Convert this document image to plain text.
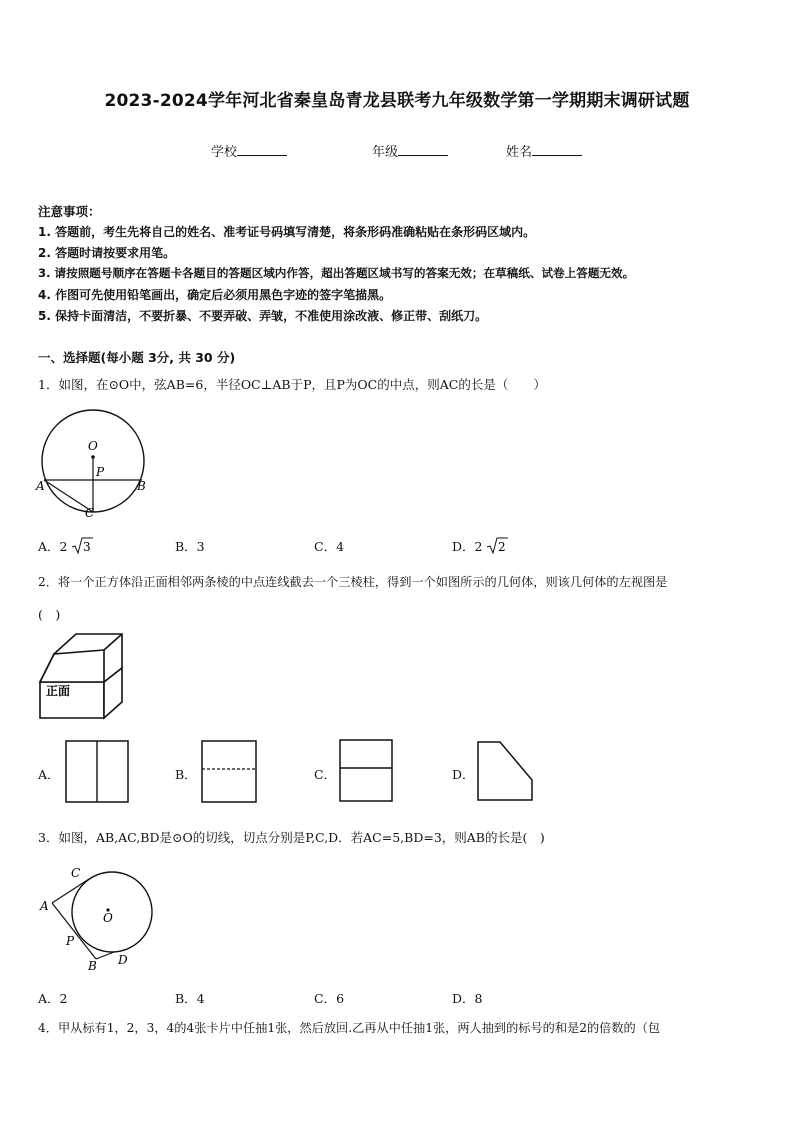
2023-2024学年河北省秦皇岛青龙县联考九年级数学第一学期期末调研试题
学校	年级	姓名
注意事项：
1. 答题前，考生先将自己的姓名、准考证号码填写清楚，将条形码准确粘贴在条形码区域内。
2. 答题时请按要求用笔。
3. 请按照题号顺序在答题卡各题目的答题区域内作答，超出答题区域书写的答案无效；在草稿纸、试卷上答题无效。
4. 作图可先使用铅笔画出，确定后必须用黑色字迹的签字笔描黑。
5. 保持卡面清洁，不要折暴、不要弄破、弄皱，不准使用涂改液、修正带、刮纸刀。
一、选择题(每小题 3分, 共 30 分)
1．如图，在⊙O中，弦AB=6，半径OC⊥AB于P，且P为OC的中点，则AC的长是（　　）
O
P
A	B
C
A．2 3	B．3	C．4	D．2 2
2．将一个正方体沿正面相邻两条棱的中点连线截去一个三棱柱，得到一个如图所示的几何体，则该几何体的左视图是
(　)
正面
A．	B．	C．	D．
3．如图，AB,AC,BD是⊙O的切线，切点分别是P,C,D．若AC=5,BD=3，则AB的长是(　)
C
A
O
P
B D
A．2	B．4	C．6	D．8
4．甲从标有1，2，3，4的4张卡片中任抽1张，然后放回.乙再从中任抽1张，两人抽到的标号的和是2的倍数的（包
